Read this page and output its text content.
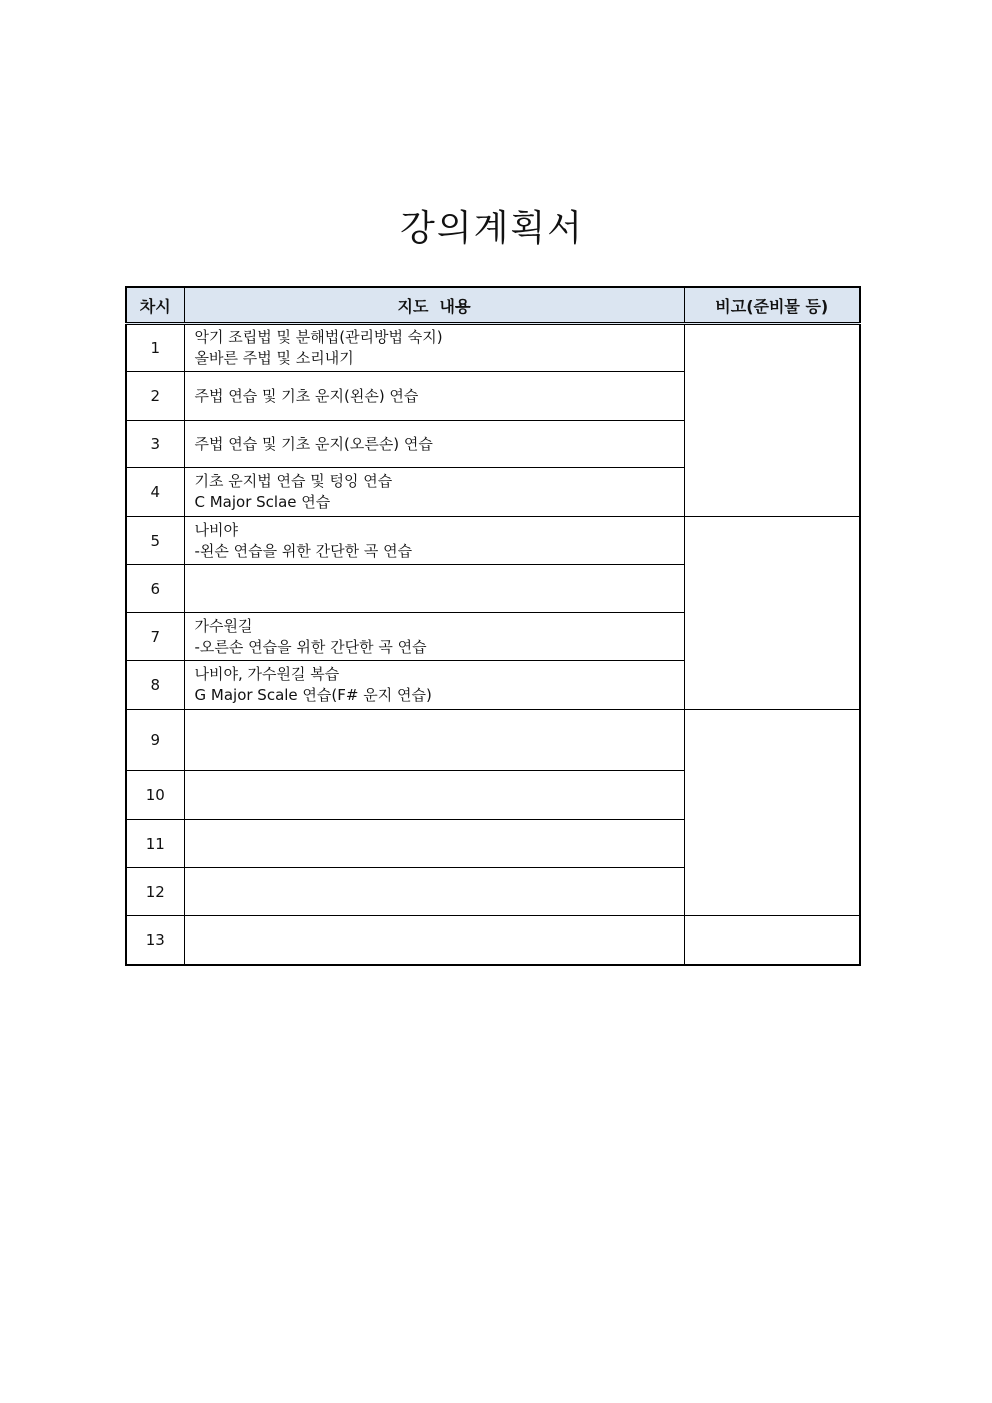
강의계획서
차시	지도  내용	비고(준비물 등)
1	악기 조립법 및 분해법(관리방법 숙지)
올바른 주법 및 소리내기	

2	주법 연습 및 기초 운지(왼손) 연습	

3	주법 연습 및 기초 운지(오른손) 연습	

4	기초 운지법 연습 및 텅잉 연습
C Major Sclae 연습	

5	나비야
-왼손 연습을 위한 간단한 곡 연습	

6		
7	가수원길
-오른손 연습을 위한 간단한 곡 연습	

8	나비야, 가수원길 복습
G Major Scale 연습(F# 운지 연습)	

9		
10		
11		
12		
13		
